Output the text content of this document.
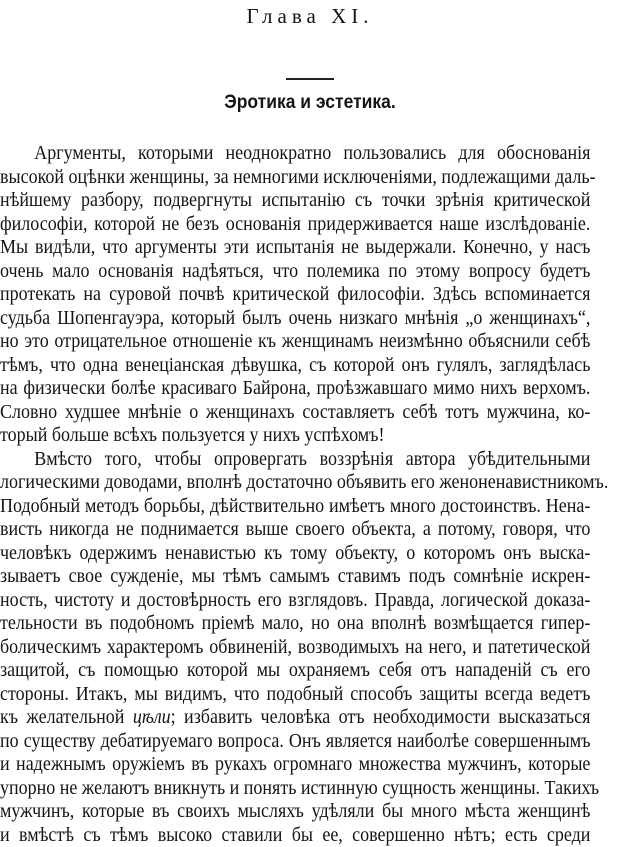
Глава XI.
Эротика и эстетика.
Аргументы, которыми неоднократно пользовались для обоснованія
высокой оцѣнки женщины, за немногими исключеніями, подлежащими даль-
нѣйшему разбору, подвергнуты испытанію съ точки зрѣнія критической
философіи, которой не безъ основанія придерживается наше изслѣдованіе.
Мы видѣли, что аргументы эти испытанія не выдержали. Конечно, у насъ
очень мало основанія надѣяться, что полемика по этому вопросу будетъ
протекать на суровой почвѣ критической философіи. Здѣсь вспоминается
судьба Шопенгауэра, который былъ очень низкаго мнѣнія „о женщинахъ“,
но это отрицательное отношеніе къ женщинамъ неизмѣнно объяснили себѣ
тѣмъ, что одна венеціанская дѣвушка, съ которой онъ гулялъ, заглядѣлась
на физически болѣе красиваго Байрона, проѣзжавшаго мимо нихъ верхомъ.
Словно худшее мнѣніе о женщинахъ составляетъ себѣ тотъ мужчина, ко-
торый больше всѣхъ пользуется у нихъ успѣхомъ!
Вмѣсто того, чтобы опровергать воззрѣнія автора убѣдительными
логическими доводами, вполнѣ достаточно объявить его женоненавистникомъ.
Подобный методъ борьбы, дѣйствительно имѣетъ много достоинствъ. Нена-
висть никогда не поднимается выше своего объекта, а потому, говоря, что
человѣкъ одержимъ ненавистью къ тому объекту, о которомъ онъ выска-
зываетъ свое сужденіе, мы тѣмъ самымъ ставимъ подъ сомнѣніе искрен-
ность, чистоту и достовѣрность его взглядовъ. Правда, логической доказа-
тельности въ подобномъ пріемѣ мало, но она вполнѣ возмѣщается гипер-
болическимъ характеромъ обвиненій, возводимыхъ на него, и патетической
защитой, съ помощью которой мы охраняемъ себя отъ нападеній съ его
стороны. Итакъ, мы видимъ, что подобный способъ защиты всегда ведетъ
къ желательной цѣли; избавить человѣка отъ необходимости высказаться
по существу дебатируемаго вопроса. Онъ является наиболѣе совершеннымъ
и надежнымъ оружіемъ въ рукахъ огромнаго множества мужчинъ, которые
упорно не желаютъ вникнуть и понять истинную сущность женщины. Такихъ
мужчинъ, которые въ своихъ мысляхъ удѣляли бы много мѣста женщинѣ
и вмѣстѣ съ тѣмъ высоко ставили бы ее, совершенно нѣтъ; есть среди
